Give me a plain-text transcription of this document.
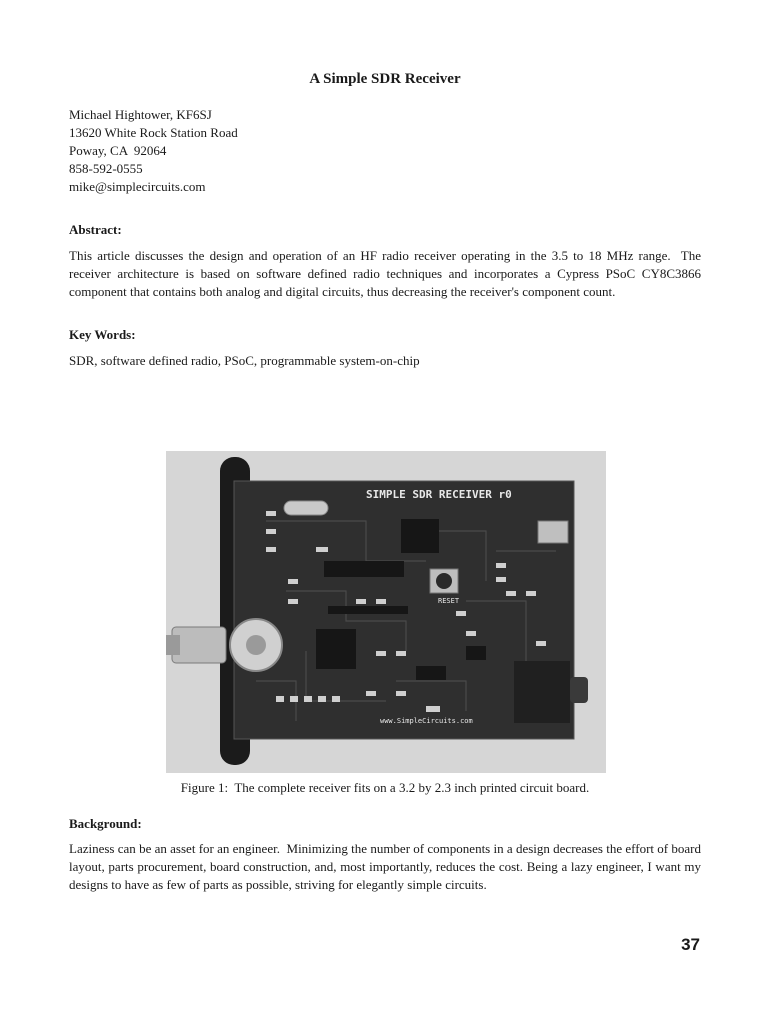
A Simple SDR Receiver
Michael Hightower, KF6SJ
13620 White Rock Station Road
Poway, CA  92064
858-592-0555
mike@simplecircuits.com
Abstract:
This article discusses the design and operation of an HF radio receiver operating in the 3.5 to 18 MHz range.  The receiver architecture is based on software defined radio techniques and incorporates a Cypress PSoC CY8C3866 component that contains both analog and digital circuits, thus decreasing the receiver's component count.
Key Words:
SDR, software defined radio, PSoC, programmable system-on-chip
Figure 1:  The complete receiver fits on a 3.2 by 2.3 inch printed circuit board.
Background:
Laziness can be an asset for an engineer.  Minimizing the number of components in a design decreases the effort of board layout, parts procurement, board construction, and, most importantly, reduces the cost. Being a lazy engineer, I want my designs to have as few of parts as possible, striving for elegantly simple circuits.
SIMPLE SDR RECEIVER r0
RESET
www.SimpleCircuits.com
37
